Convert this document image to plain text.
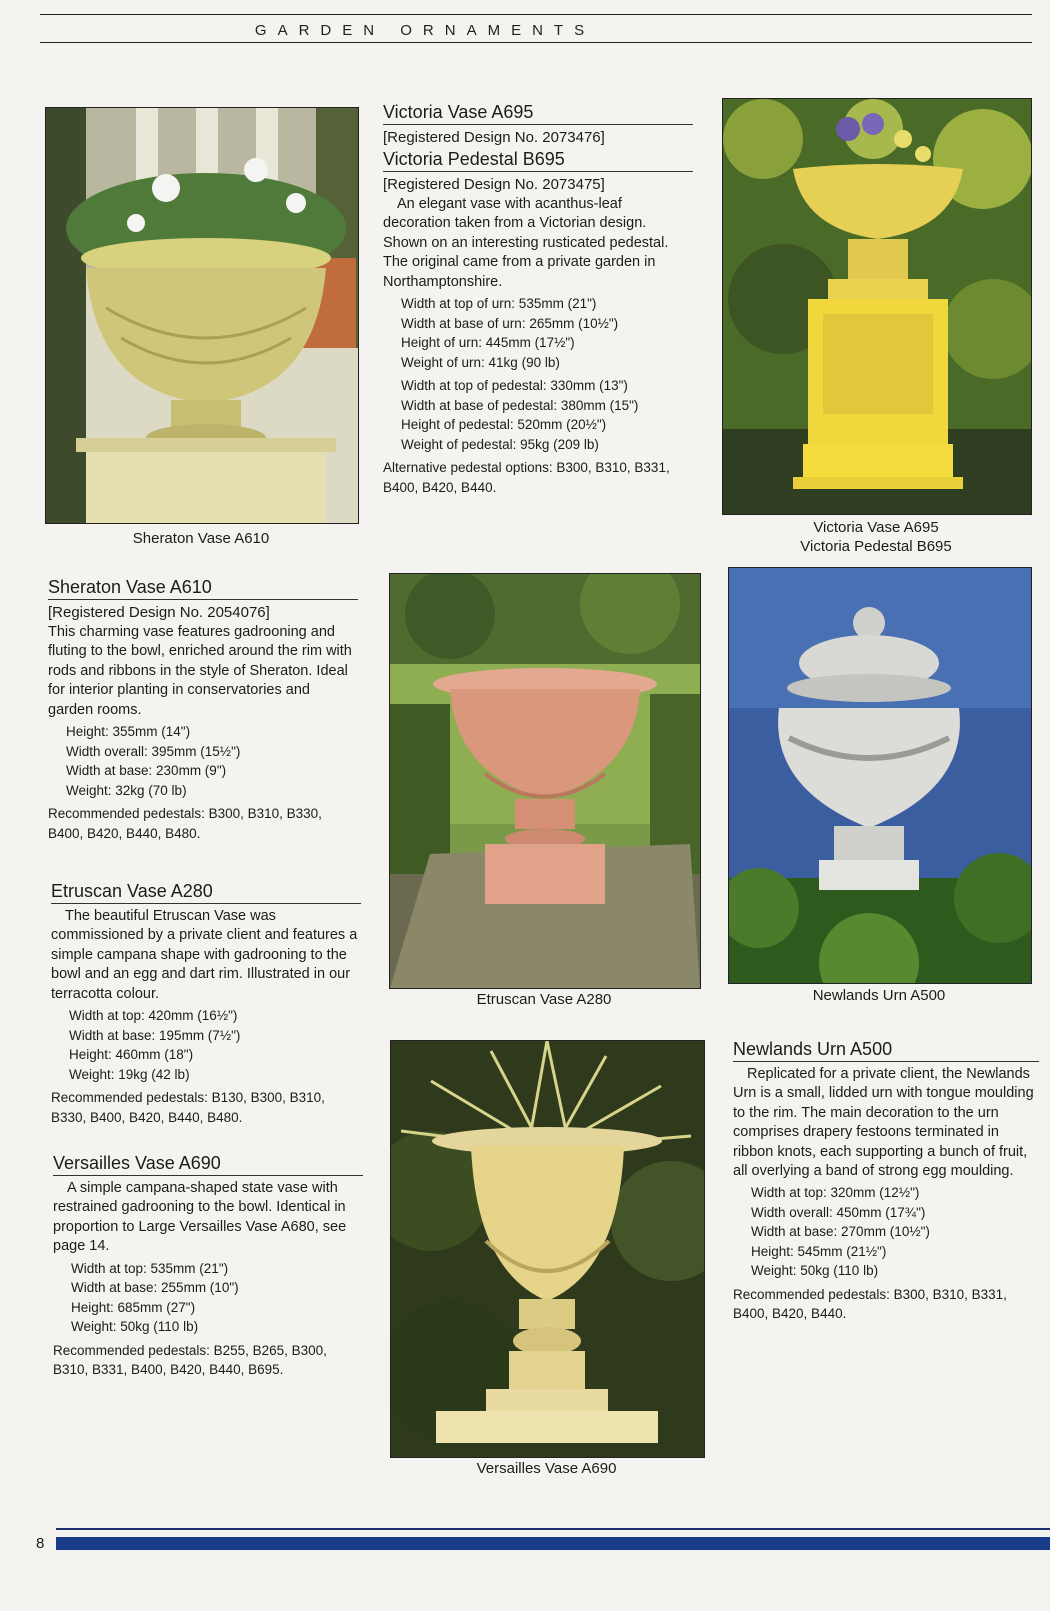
GARDEN ORNAMENTS
Sheraton Vase A610
Victoria Vase A695
[Registered Design No. 2073476]
Victoria Pedestal B695
[Registered Design No. 2073475]

An elegant vase with acanthus-leaf decoration taken from a Victorian design. Shown on an interesting rusticated pedestal. The original came from a private garden in Northamptonshire.

Width at top of urn: 535mm (21")
Width at base of urn: 265mm (10½")
Height of urn: 445mm (17½")
Weight of urn: 41kg (90 lb)
Width at top of pedestal: 330mm (13")
Width at base of pedestal: 380mm (15")
Height of pedestal: 520mm (20½")
Weight of pedestal: 95kg (209 lb)

Alternative pedestal options: B300, B310, B331, B400, B420, B440.

Victoria Vase A695
Victoria Pedestal B695
Sheraton Vase A610
[Registered Design No. 2054076]

This charming vase features gadrooning and fluting to the bowl, enriched around the rim with rods and ribbons in the style of Sheraton. Ideal for interior planting in conservatories and garden rooms.

Height: 355mm (14")
Width overall: 395mm (15½")
Width at base: 230mm (9")
Weight: 32kg (70 lb)

Recommended pedestals: B300, B310, B330, B400, B420, B440, B480.

Etruscan Vase A280	Newlands Urn A500
Etruscan Vase A280

The beautiful Etruscan Vase was commissioned by a private client and features a simple campana shape with gadrooning to the bowl and an egg and dart rim. Illustrated in our terracotta colour.

Width at top: 420mm (16½")
Width at base: 195mm (7½")
Height: 460mm (18")
Weight: 19kg (42 lb)

Recommended pedestals: B130, B300, B310, B330, B400, B420, B440, B480.

Versailles Vase A690

A simple campana-shaped state vase with restrained gadrooning to the bowl. Identical in proportion to Large Versailles Vase A680, see page 14.

Width at top: 535mm (21")
Width at base: 255mm (10")
Height: 685mm (27")
Weight: 50kg (110 lb)

Recommended pedestals: B255, B265, B300, B310, B331, B400, B420, B440, B695.

Versailles Vase A690
Newlands Urn A500

Replicated for a private client, the Newlands Urn is a small, lidded urn with tongue moulding to the rim. The main decoration to the urn comprises drapery festoons terminated in ribbon knots, each supporting a bunch of fruit, all overlying a band of strong egg moulding.

Width at top: 320mm (12½")
Width overall: 450mm (17¾")
Width at base: 270mm (10½")
Height: 545mm (21½")
Weight: 50kg (110 lb)

Recommended pedestals: B300, B310, B331, B400, B420, B440.

8
